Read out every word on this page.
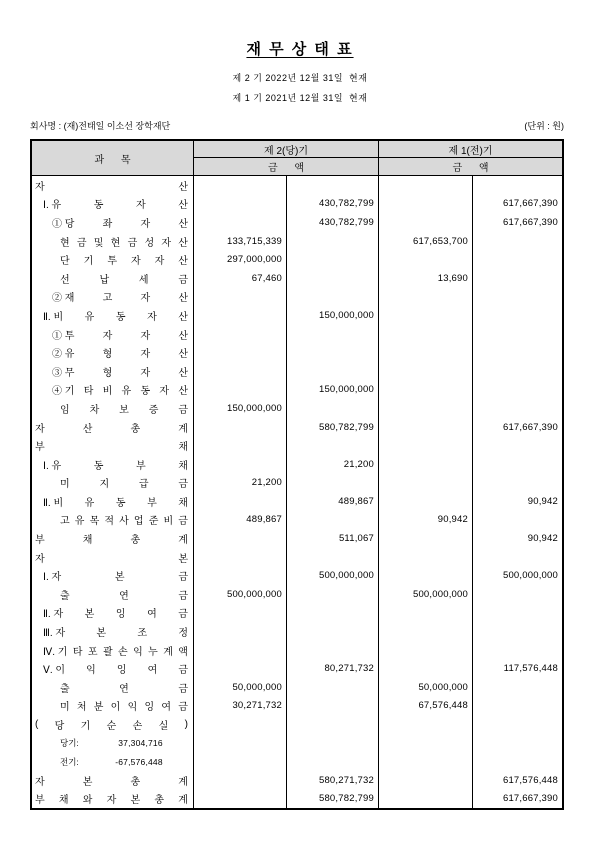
재 무 상 태 표
제 2 기 2022년 12월 31일  현재
제 1 기 2021년 12월 31일  현재
회사명 : (재)전태일 이소선 장학재단	(단위 : 원)
과 목
제 2(당)기	제 1(전)기
금 액	금 액
자	산
Ⅰ. 유	동	자	산	430,782,799	617,667,390
① 당	좌	자	산	430,782,799	617,667,390
현 금 및 현 금 성 자 산	133,715,339	617,653,700
단 기 투 자 자 산	297,000,000
선	납	세	금	67,460	13,690
② 재	고	자	산
Ⅱ. 비 유 동 자 산	150,000,000
① 투	자	자	산
② 유	형	자	산
③ 무	형	자	산
④ 기 타 비 유 동 자 산	150,000,000
임 차 보 증 금	150,000,000
자	산	총	계	580,782,799	617,667,390
부	채
Ⅰ. 유	동	부	채	21,200
미	지	급	금	21,200
Ⅱ. 비 유 동 부 채	489,867	90,942
고 유 목 적 사 업 준 비 금	489,867	90,942
부	채	총	계	511,067	90,942
자	본
Ⅰ. 자	본	금	500,000,000	500,000,000
출	연	금	500,000,000	500,000,000
Ⅱ. 자 본 잉 여 금
Ⅲ. 자	본	조	정
Ⅳ. 기 타 포 괄 손 익 누 계 액
Ⅴ. 이 익 잉 여 금	80,271,732	117,576,448
출	연	금	50,000,000	50,000,000
미 처 분 이 익 잉 여 금	30,271,732	67,576,448
( 당 기 순 손 실 )
당기:	37,304,716
전기:	-67,576,448
자	본	총	계	580,271,732	617,576,448
부 채 와 자 본 총 계	580,782,799	617,667,390
